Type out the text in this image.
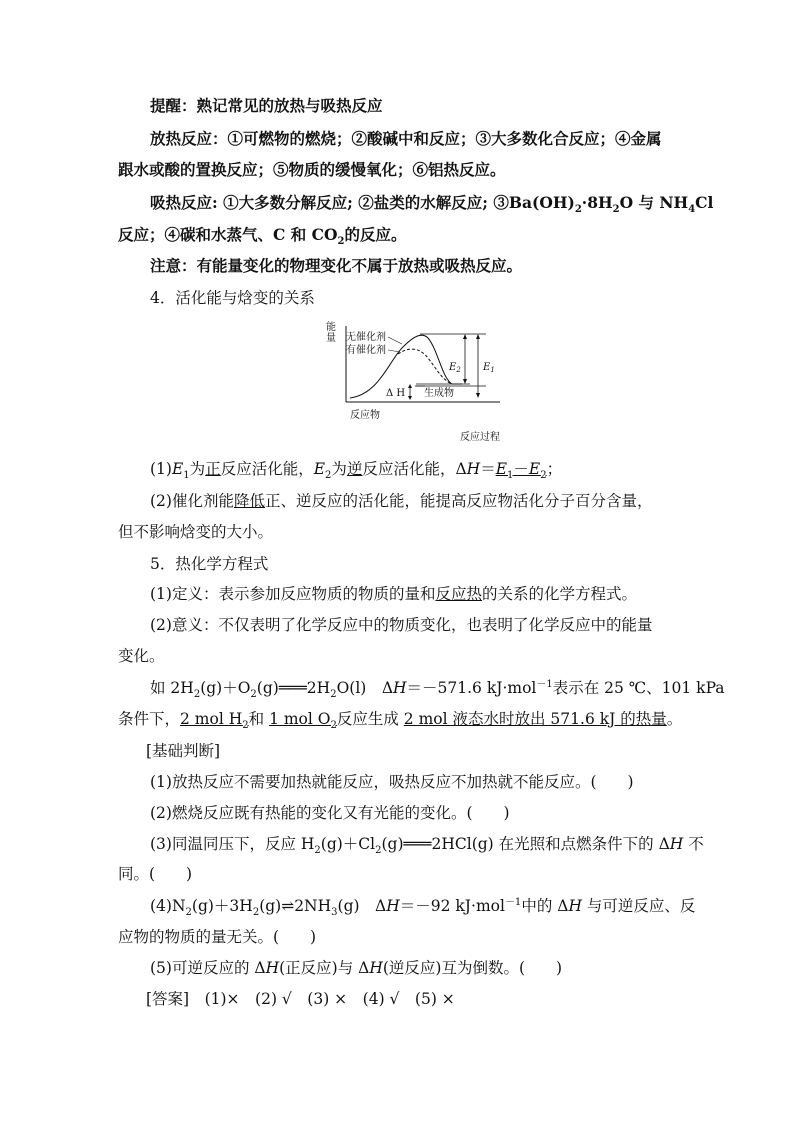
提醒：熟记常见的放热与吸热反应
放热反应：①可燃物的燃烧；②酸碱中和反应；③大多数化合反应；④金属
跟水或酸的置换反应；⑤物质的缓慢氧化；⑥铝热反应。
吸热反应: ①大多数分解反应; ②盐类的水解反应; $③Ba(OH)_2\cdot 8H_2O$ 与 $NH_4Cl$
反应；④碳和水蒸气、C 和 $CO_2$的反应。
注意：有能量变化的物理变化不属于放热或吸热反应。
4．活化能与焓变的关系
能
量
$E_2$ $E_1$
Δ H 生成物
无催化剂
有催化剂
反应物
反应过程
$(1)E_1$为正反应活化能，$E_2$为逆反应活化能，$\Delta H=E_1-E_2$；
(2)催化剂能降低正、逆反应的活化能，能提高反应物活化分子百分含量，
但不影响焓变的大小。
5．热化学方程式
(1)定义：表示参加反应物质的物质的量和反应热的关系的化学方程式。
(2)意义：不仅表明了化学反应中的物质变化，也表明了化学反应中的能量
变化。
如 $2H_2(g)+O_2(g)═══2H_2O(l)$　ΔH＝－571.6 kJ·mol$^{-1}$表示在 25 ℃、101 kPa
条件下，2 mol $H_2$和 1 mol $O_2$反应生成 2 mol 液态水时放出 571.6 kJ 的热量。
[基础判断]
(1)放热反应不需要加热就能反应，吸热反应不加热就不能反应。(　　)
(2)燃烧反应既有热能的变化又有光能的变化。(　　)
(3)同温同压下，反应 $H_2(g)+Cl_2(g)═══2HCl(g)$ 在光照和点燃条件下的 ΔH 不
同。(　　)
$(4)N_2(g)+3H_2(g)\rightleftharpoons 2NH_3(g)$　ΔH＝－92 kJ·mol$^{-1}$中的 ΔH 与可逆反应、反
应物的物质的量无关。(　　)
(5)可逆反应的 ΔH(正反应)与 ΔH(逆反应)互为倒数。(　　)
[答案]　(1)×　(2) √　(3) ×　(4) √　(5) ×
